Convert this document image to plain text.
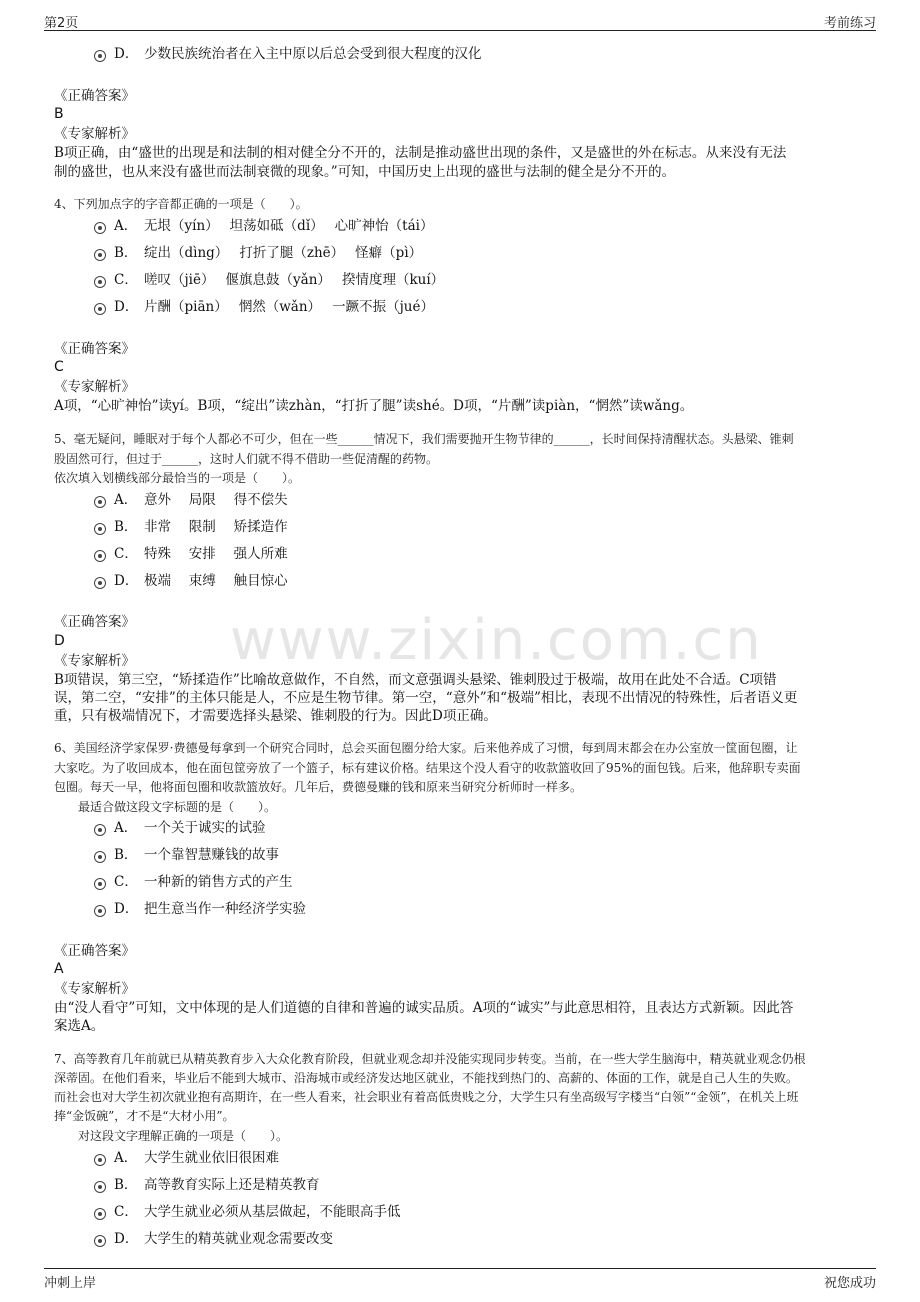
第2页	考前练习
www.zixin.com.cn
D． 少数民族统治者在入主中原以后总会受到很大程度的汉化
《正确答案》
B
《专家解析》
B项正确，由“盛世的出现是和法制的相对健全分不开的，法制是推动盛世出现的条件，又是盛世的外在标志。从来没有无法
制的盛世，也从来没有盛世而法制衰微的现象。”可知，中国历史上出现的盛世与法制的健全是分不开的。
4、下列加点字的字音都正确的一项是（　　）。
A． 无垠（yín）　 坦荡如砥（dǐ）　 心旷神怡（tái）
B． 绽出（dìng）　 打折了腿（zhē）　 怪癖（pì）
C． 嗟叹（jiē）　 偃旗息鼓（yǎn）　 揆情度理（kuí）
D． 片酬（piān）　 惘然（wǎn）　 一蹶不振（jué）
《正确答案》
C
《专家解析》
A项，“心旷神怡”读yí。B项，“绽出”读zhàn，“打折了腿”读shé。D项，“片酬”读piàn，“惘然”读wǎng。
5、毫无疑问，睡眠对于每个人都必不可少，但在一些______情况下，我们需要抛开生物节律的______，长时间保持清醒状态。头悬梁、锥刺
股固然可行，但过于______，这时人们就不得不借助一些促清醒的药物。
依次填入划横线部分最恰当的一项是（　　）。
A． 意外　 局限　 得不偿失
B． 非常　 限制　 矫揉造作
C． 特殊　 安排　 强人所难
D． 极端　 束缚　 触目惊心
《正确答案》
D
《专家解析》
B项错误，第三空，“矫揉造作”比喻故意做作，不自然，而文意强调头悬梁、锥刺股过于极端，故用在此处不合适。C项错
误，第二空，“安排”的主体只能是人，不应是生物节律。第一空，“意外”和“极端”相比，表现不出情况的特殊性，后者语义更
重，只有极端情况下，才需要选择头悬梁、锥刺股的行为。因此D项正确。
6、美国经济学家保罗·费德曼每拿到一个研究合同时，总会买面包圈分给大家。后来他养成了习惯，每到周末都会在办公室放一筐面包圈，让
大家吃。为了收回成本，他在面包筐旁放了一个篮子，标有建议价格。结果这个没人看守的收款篮收回了95%的面包钱。后来，他辞职专卖面
包圈。每天一早，他将面包圈和收款篮放好。几年后，费德曼赚的钱和原来当研究分析师时一样多。
　　最适合做这段文字标题的是（　　）。
A． 一个关于诚实的试验
B． 一个靠智慧赚钱的故事
C． 一种新的销售方式的产生
D． 把生意当作一种经济学实验
《正确答案》
A
《专家解析》
由“没人看守”可知，文中体现的是人们道德的自律和普遍的诚实品质。A项的“诚实”与此意思相符，且表达方式新颖。因此答
案选A。
7、高等教育几年前就已从精英教育步入大众化教育阶段，但就业观念却并没能实现同步转变。当前，在一些大学生脑海中，精英就业观念仍根
深蒂固。在他们看来，毕业后不能到大城市、沿海城市或经济发达地区就业，不能找到热门的、高薪的、体面的工作，就是自己人生的失败。
而社会也对大学生初次就业抱有高期许，在一些人看来，社会职业有着高低贵贱之分，大学生只有坐高级写字楼当“白领”“金领”，在机关上班
捧“金饭碗”，才不是“大材小用”。
　　对这段文字理解正确的一项是（　　）。
A． 大学生就业依旧很困难
B． 高等教育实际上还是精英教育
C． 大学生就业必须从基层做起，不能眼高手低
D． 大学生的精英就业观念需要改变
冲刺上岸	祝您成功
